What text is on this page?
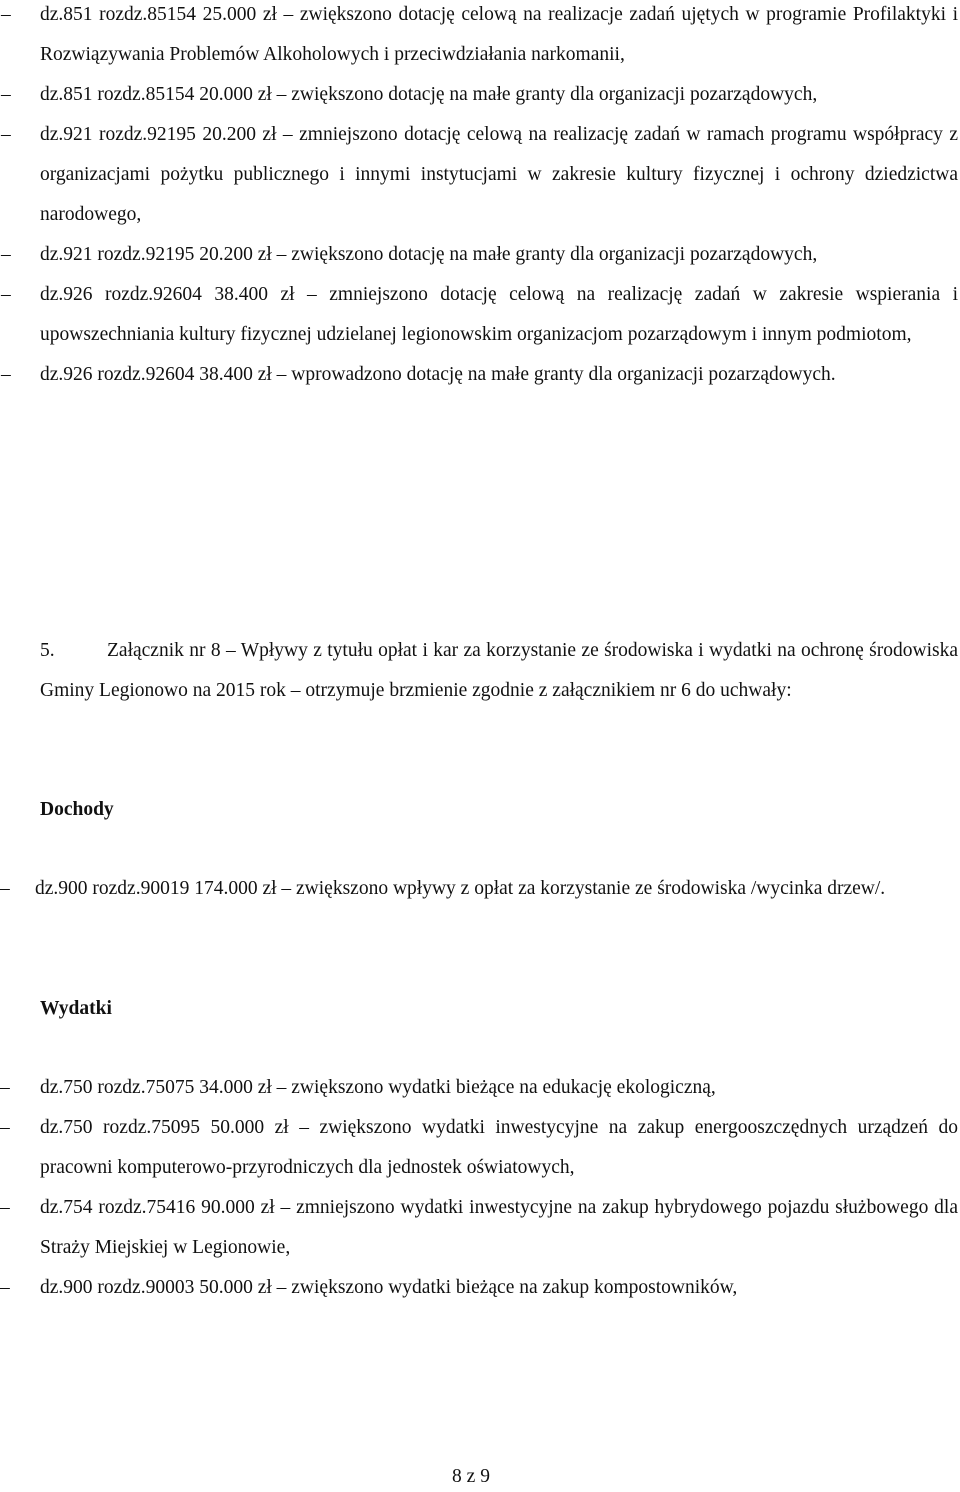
– dz.851 rozdz.85154 25.000 zł – zwiększono dotację celową na realizacje zadań ujętych w programie Profilaktyki i Rozwiązywania Problemów Alkoholowych i przeciwdziałania narkomanii,
– dz.851 rozdz.85154 20.000 zł – zwiększono dotację na małe granty dla organizacji pozarządowych,
– dz.921 rozdz.92195 20.200 zł – zmniejszono dotację celową na realizację zadań w ramach programu współpracy z organizacjami pożytku publicznego i innymi instytucjami w zakresie kultury fizycznej i ochrony dziedzictwa narodowego,
– dz.921 rozdz.92195 20.200 zł – zwiększono dotację na małe granty dla organizacji pozarządowych,
– dz.926 rozdz.92604 38.400 zł – zmniejszono dotację celową na realizację zadań w zakresie wspierania i upowszechniania kultury fizycznej udzielanej legionowskim organizacjom pozarządowym i innym podmiotom,
– dz.926 rozdz.92604 38.400 zł – wprowadzono dotację na małe granty dla organizacji pozarządowych.

5.	Załącznik nr 8 – Wpływy z tytułu opłat i kar za korzystanie ze środowiska i wydatki na ochronę środowiska Gminy Legionowo na 2015 rok – otrzymuje brzmienie zgodnie z załącznikiem nr 6 do uchwały:

Dochody
– dz.900 rozdz.90019 174.000 zł – zwiększono wpływy z opłat za korzystanie ze środowiska /wycinka drzew/.
Wydatki
– dz.750 rozdz.75075 34.000 zł – zwiększono wydatki bieżące na edukację ekologiczną,
– dz.750 rozdz.75095 50.000 zł – zwiększono wydatki inwestycyjne na zakup energooszczędnych urządzeń do pracowni komputerowo-przyrodniczych dla jednostek oświatowych,
– dz.754 rozdz.75416 90.000 zł – zmniejszono wydatki inwestycyjne na zakup hybrydowego pojazdu służbowego dla Straży Miejskiej w Legionowie,
– dz.900 rozdz.90003 50.000 zł – zwiększono wydatki bieżące na zakup kompostowników,
8 z 9
